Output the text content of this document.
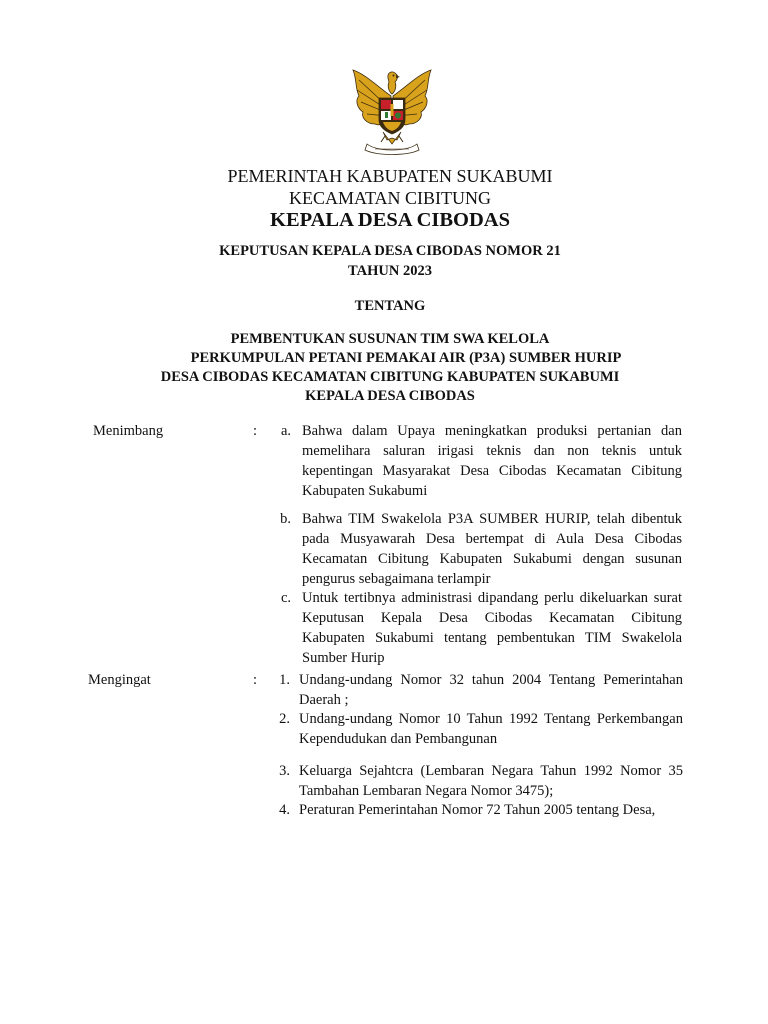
PEMERINTAH KABUPATEN SUKABUMI
KECAMATAN CIBITUNG
KEPALA DESA CIBODAS
KEPUTUSAN KEPALA DESA CIBODAS NOMOR 21
TAHUN 2023
TENTANG
PEMBENTUKAN SUSUNAN TIM SWA KELOLA
PERKUMPULAN PETANI PEMAKAI AIR (P3A) SUMBER HURIP
DESA CIBODAS KECAMATAN CIBITUNG KABUPATEN SUKABUMI
KEPALA DESA CIBODAS
Menimbang	:	a. Bahwa dalam Upaya meningkatkan produksi pertanian dan memelihara saluran irigasi teknis dan non teknis untuk kepentingan Masyarakat Desa Cibodas Kecamatan Cibitung Kabupaten Sukabumi
b. Bahwa TIM Swakelola P3A SUMBER HURIP, telah dibentuk pada Musyawarah Desa bertempat di Aula Desa Cibodas Kecamatan Cibitung Kabupaten Sukabumi dengan susunan pengurus sebagaimana terlampir
c. Untuk tertibnya administrasi dipandang perlu dikeluarkan surat Keputusan Kepala Desa Cibodas Kecamatan Cibitung Kabupaten Sukabumi tentang pembentukan TIM Swakelola Sumber Hurip
Mengingat	:	1. Undang-undang Nomor 32 tahun 2004 Tentang Pemerintahan Daerah ;
2. Undang-undang Nomor 10 Tahun 1992 Tentang Perkembangan Kependudukan dan Pembangunan
3. Keluarga Sejahtcra (Lembaran Negara Tahun 1992 Nomor 35 Tambahan Lembaran Negara Nomor 3475);
4. Peraturan Pemerintahan Nomor 72 Tahun 2005 tentang Desa,
